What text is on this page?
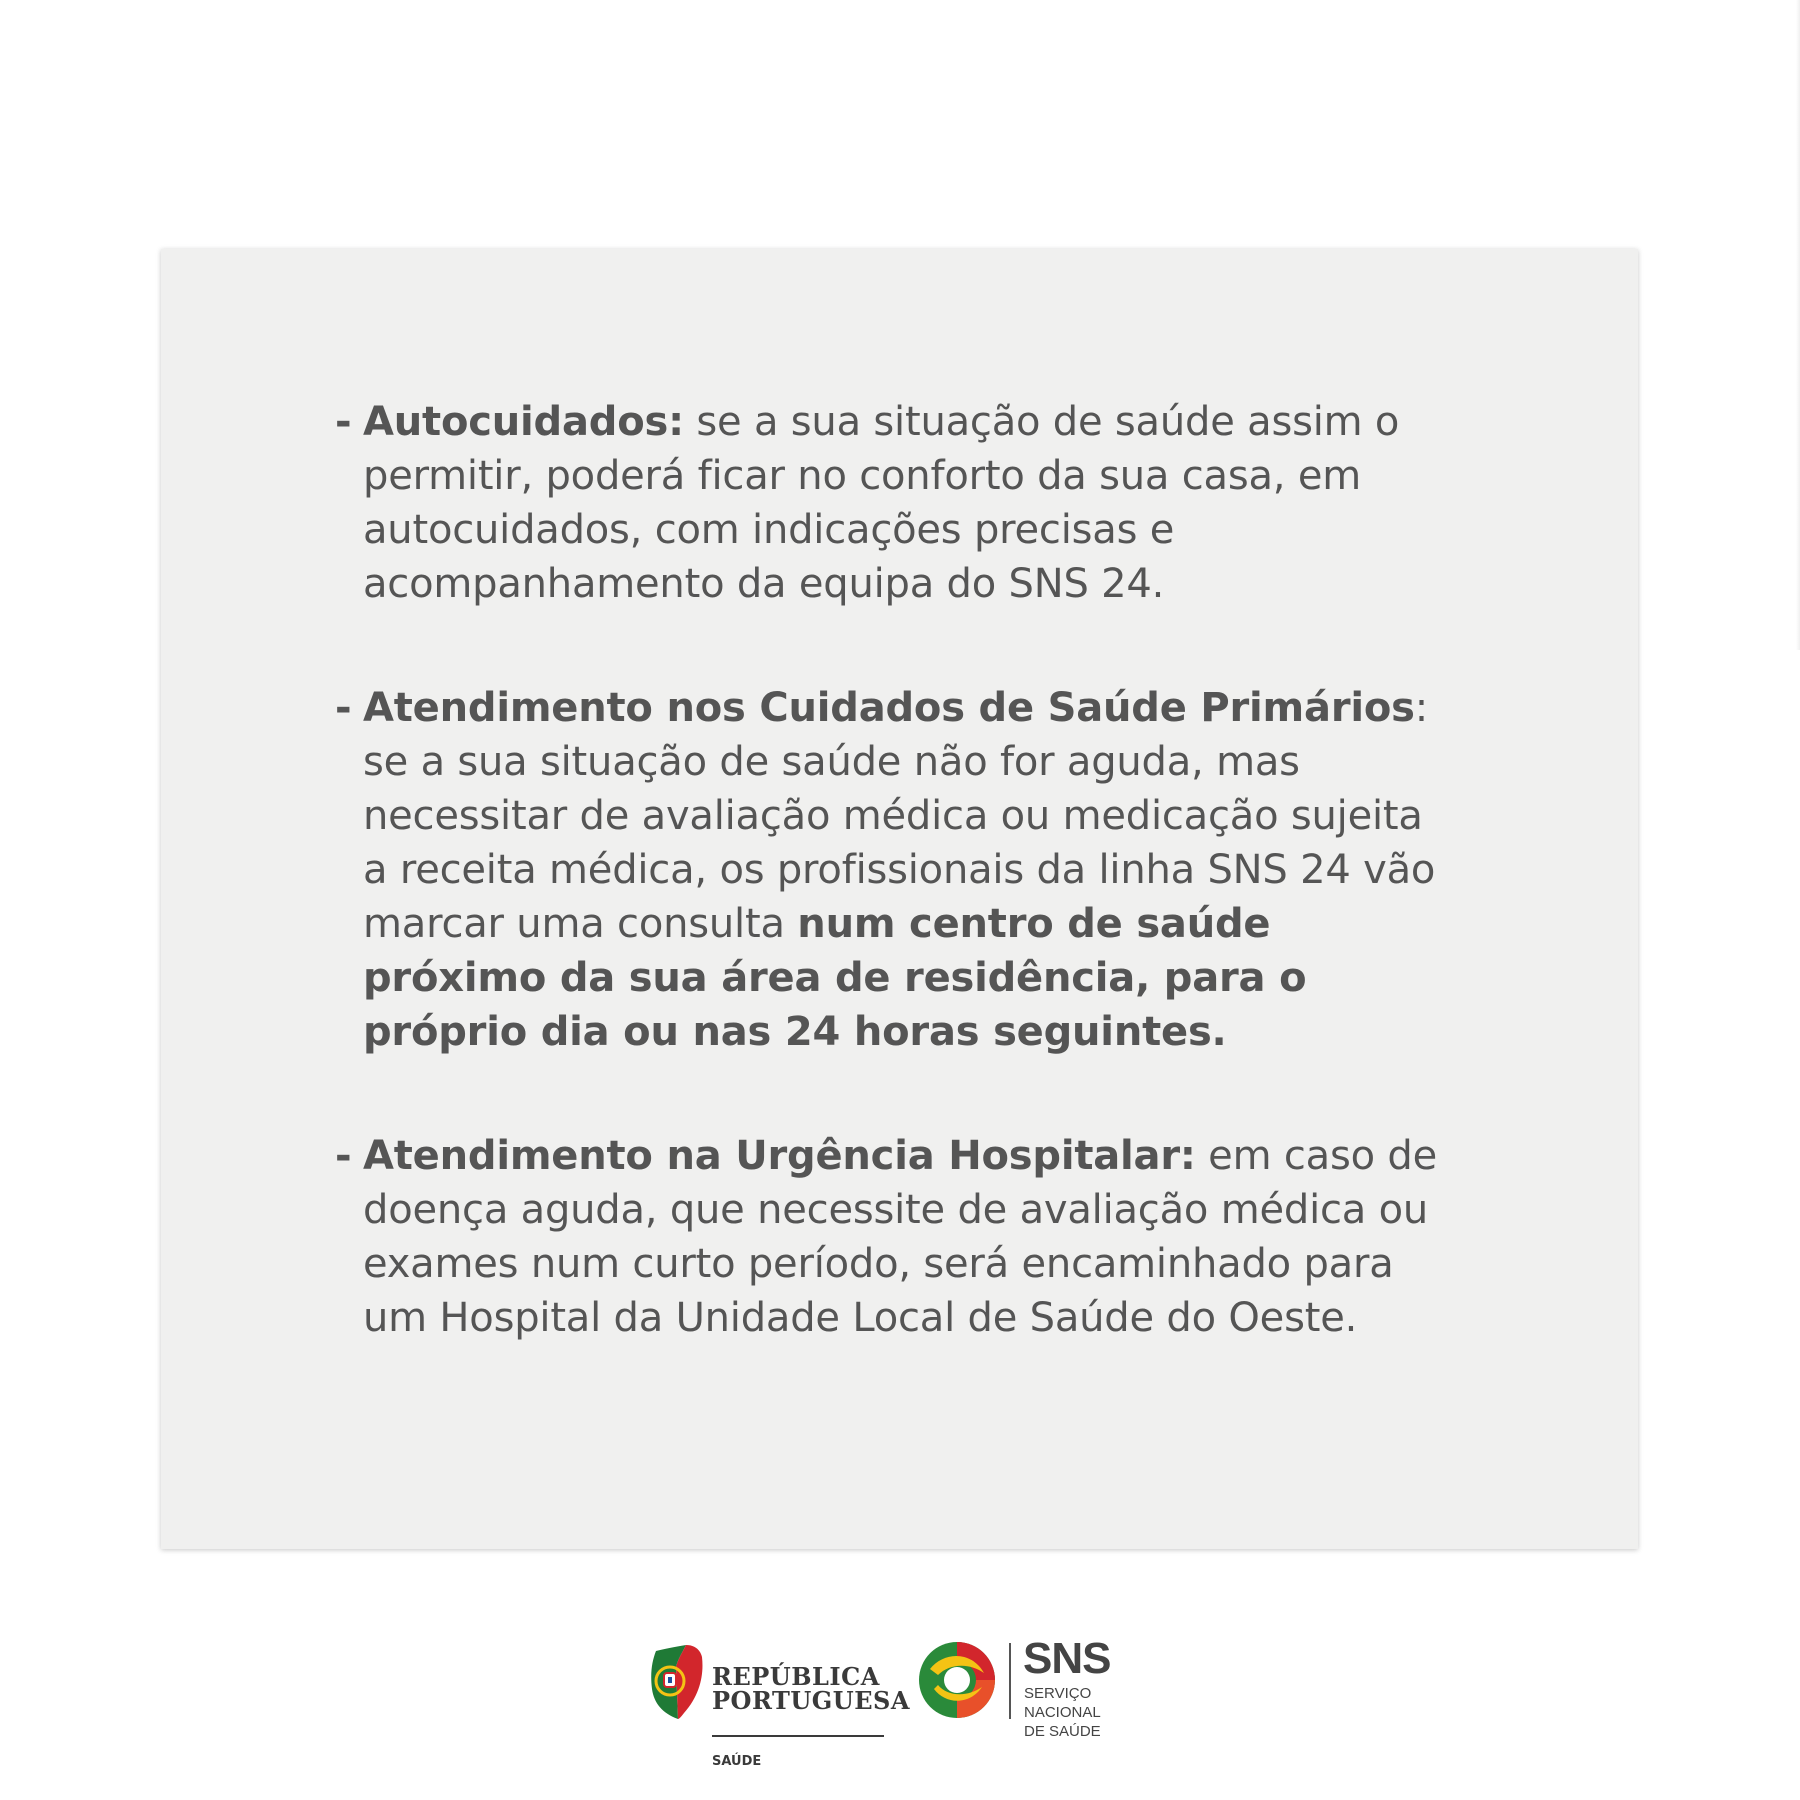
- Autocuidados: se a sua situação de saúde assim o permitir, poderá ficar no conforto da sua casa, em autocuidados, com indicações precisas e acompanhamento da equipa do SNS 24.
- Atendimento nos Cuidados de Saúde Primários: se a sua situação de saúde não for aguda, mas necessitar de avaliação médica ou medicação sujeita a receita médica, os profissionais da linha SNS 24 vão marcar uma consulta num centro de saúde próximo da sua área de residência, para o próprio dia ou nas 24 horas seguintes.
- Atendimento na Urgência Hospitalar: em caso de doença aguda, que necessite de avaliação médica ou exames num curto período, será encaminhado para um Hospital da Unidade Local de Saúde do Oeste.
REPÚBLICA
PORTUGUESA
SAÚDE
SNS
SERVIÇO NACIONAL
DE SAÚDE
